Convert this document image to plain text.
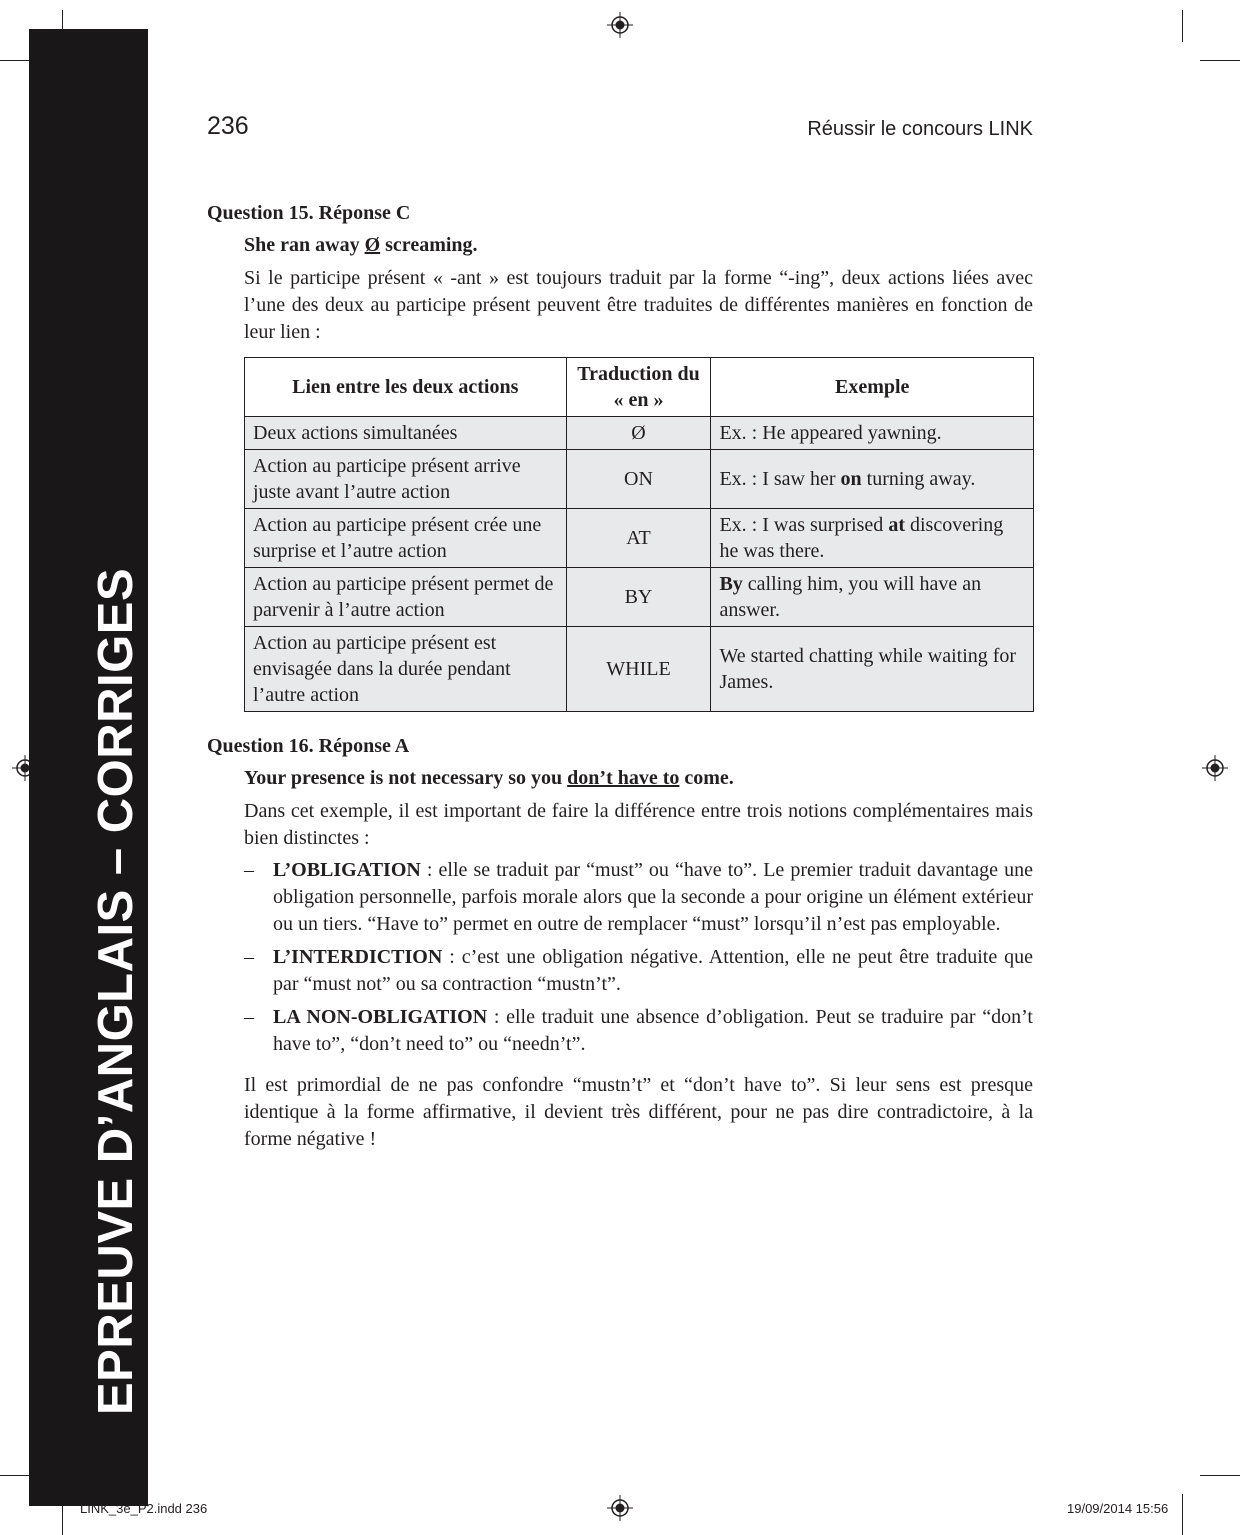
EPREUVE D’ANGLAIS – CORRIGES
236	Réussir le concours LINK

Question 15. Réponse C

She ran away Ø screaming.

Si le participe présent « -ant » est toujours traduit par la forme “-ing”, deux actions liées avec l’une des deux au participe présent peuvent être traduites de différentes manières en fonction de leur lien :

Lien entre les deux actions	Traduction du « en »	Exemple
Deux actions simultanées	Ø	Ex. : He appeared yawning.
Action au participe présent arrive juste avant l’autre action	ON	Ex. : I saw her on turning away.
Action au participe présent crée une surprise et l’autre action	AT	Ex. : I was surprised at discovering he was there.
Action au participe présent permet de parvenir à l’autre action	BY	By calling him, you will have an answer.
Action au participe présent est envisagée dans la durée pendant l’autre action	WHILE	We started chatting while waiting for James.

Question 16. Réponse A

Your presence is not necessary so you don’t have to come.

Dans cet exemple, il est important de faire la différence entre trois notions complémentaires mais bien distinctes :

– L’OBLIGATION : elle se traduit par “must” ou “have to”. Le premier traduit davantage une obligation personnelle, parfois morale alors que la seconde a pour origine un élément extérieur ou un tiers. “Have to” permet en outre de remplacer “must” lorsqu’il n’est pas employable.
– L’INTERDICTION : c’est une obligation négative. Attention, elle ne peut être traduite que par “must not” ou sa contraction “mustn’t”.
– LA NON-OBLIGATION : elle traduit une absence d’obligation. Peut se traduire par “don’t have to”, “don’t need to” ou “needn’t”.

Il est primordial de ne pas confondre “mustn’t” et “don’t have to”. Si leur sens est presque identique à la forme affirmative, il devient très différent, pour ne pas dire contradictoire, à la forme négative !

LINK_3e_P2.indd 236	19/09/2014 15:56
